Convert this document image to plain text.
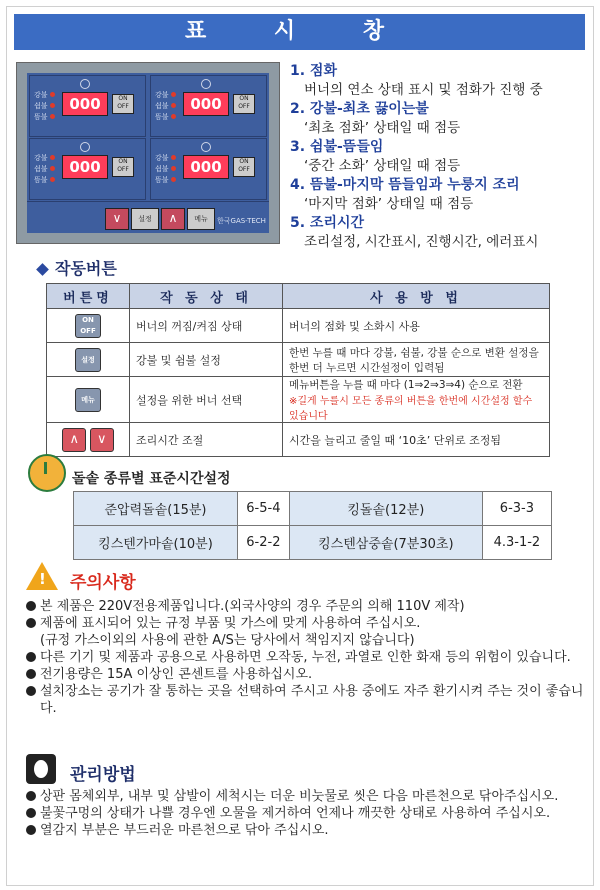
표 시 창
강불
쉼불
뜸불
000	ON OFF
강불
쉼불
뜸불
000	ON OFF
강불
쉼불
뜸불
000	ON OFF
강불
쉼불
뜸불
000	ON OFF
∨	설정	∧	메뉴	한국GAS-TECH
1. 점화
버너의 연소 상태 표시 및 점화가 진행 중
2. 강불-최초 끓이는불
‘최초 점화’ 상태일 때 점등
3. 쉼불-뜸들임
‘중간 소화’ 상태일 때 점등
4. 뜸불-마지막 뜸들임과 누룽지 조리
‘마지막 점화’ 상태일 때 점등
5. 조리시간
조리설정, 시간표시, 진행시간, 에러표시
작동버튼
버튼명	작 동 상 태	사 용 방 법
ON OFF	버너의 꺼짐/켜짐 상태	버너의 점화 및 소화시 사용
설정	강불 및 쉼불 설정	한번 누를 때 마다 강불, 쉼불, 강불 순으로 변환 설정을 한번 더 누르면 시간설정이 입력됨
메뉴	설정을 위한 버너 선택	메뉴버튼을 누를 때 마다 (1⇒2⇒3⇒4) 순으로 전환
※길게 누를시 모든 종류의 버튼을 한번에 시간설정 할수 있습니다

∧ ∨	조리시간 조절	시간을 늘리고 줄일 때 ‘10초’ 단위로 조정됨
돌솥 종류별 표준시간설정
준압력돌솥(15분)	6-5-4	킹돌솥(12분)	6-3-3
킹스텐가마솥(10분)	6-2-2	킹스텐삼중솥(7분30초)	4.3-1-2
! 주의사항
본 제품은 220V전용제품입니다.(외국사양의 경우 주문의 의해 110V 제작)
제품에 표시되어 있는 규정 부품 및 가스에 맞게 사용하여 주십시오.
(규정 가스이외의 사용에 관한 A/S는 당사에서 책임지지 않습니다)
다른 기기 및 제품과 공용으로 사용하면 오작동, 누전, 과열로 인한 화재 등의 위험이 있습니다.
전기용량은 15A 이상인 콘센트를 사용하십시오.
설치장소는 공기가 잘 통하는 곳을 선택하여 주시고 사용 중에도 자주 환기시켜 주는 것이 좋습니다.
관리방법
상판 몸체외부, 내부 및 삼발이 세척시는 더운 비눗물로 씻은 다음 마른천으로 닦아주십시오.
불꽃구멍의 상태가 나쁠 경우엔 오물을 제거하여 언제나 깨끗한 상태로 사용하여 주십시오.
열감지 부분은 부드러운 마른천으로 닦아 주십시오.
